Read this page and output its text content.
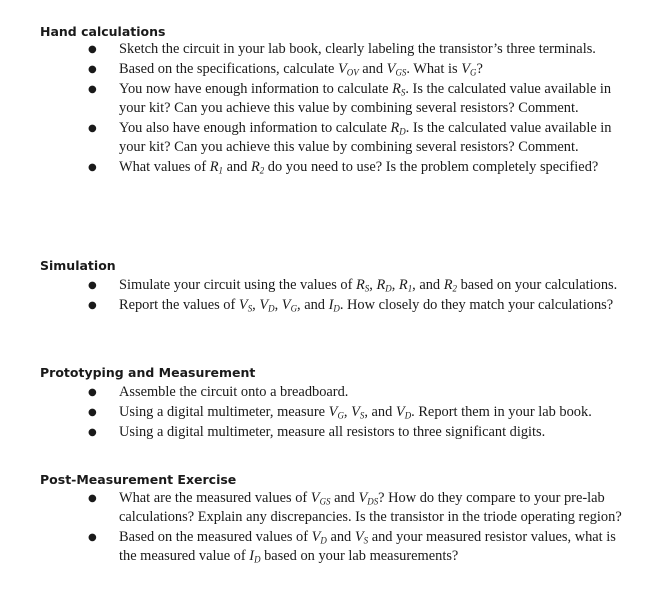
Hand calculations
● Sketch the circuit in your lab book, clearly labeling the transistor’s three terminals.
● Based on the specifications, calculate $V_{OV}$ and $V_{GS}$. What is $V_G$?
● You now have enough information to calculate $R_S$. Is the calculated value available in your kit? Can you achieve this value by combining several resistors? Comment.
● You also have enough information to calculate $R_D$. Is the calculated value available in your kit? Can you achieve this value by combining several resistors? Comment.
● What values of $R_1$ and $R_2$ do you need to use? Is the problem completely specified?
Simulation
● Simulate your circuit using the values of $R_S$, $R_D$, $R_1$, and $R_2$ based on your calculations.
● Report the values of $V_S$, $V_D$, $V_G$, and $I_D$. How closely do they match your calculations?
Prototyping and Measurement
● Assemble the circuit onto a breadboard.
● Using a digital multimeter, measure $V_G$, $V_S$, and $V_D$. Report them in your lab book.
● Using a digital multimeter, measure all resistors to three significant digits.
Post-Measurement Exercise
● What are the measured values of $V_{GS}$ and $V_{DS}$? How do they compare to your pre-lab calculations? Explain any discrepancies. Is the transistor in the triode operating region?
● Based on the measured values of $V_D$ and $V_S$ and your measured resistor values, what is the measured value of $I_D$ based on your lab measurements?
